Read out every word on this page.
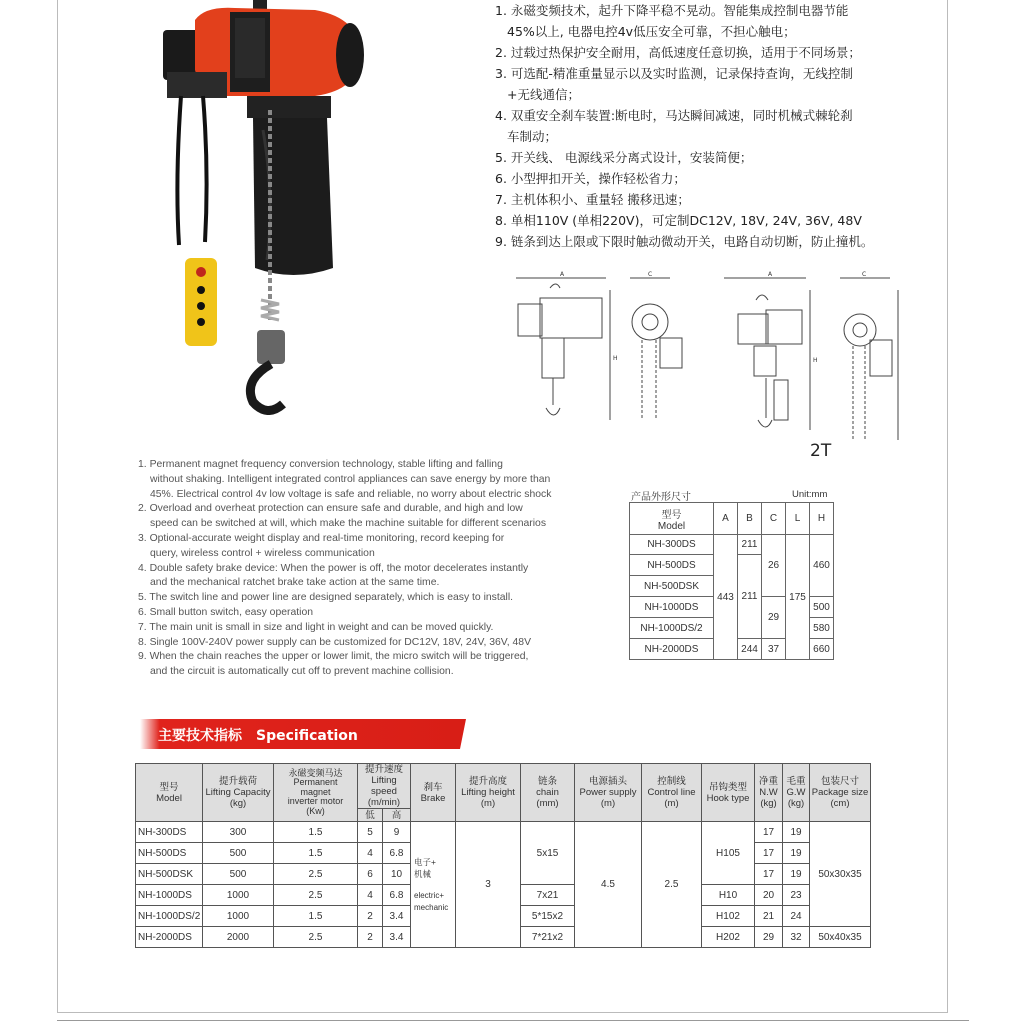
1. 永磁变频技术，起升下降平稳不晃动。智能集成控制电器节能
45%以上, 电器电控4v低压安全可靠，不担心触电；
2. 过载过热保护安全耐用，高低速度任意切换，适用于不同场景；
3. 可选配-精准重量显示以及实时监测，记录保持查询，无线控制
+无线通信；
4. 双重安全刹车装置:断电时，马达瞬间减速，同时机械式棘轮刹
车制动；
5. 开关线、 电源线采分离式设计，安装简便；
6. 小型押扣开关，操作轻松省力；
7. 主机体积小、重量轻 搬移迅速；
8. 单相110V (单相220V)，可定制DC12V, 18V, 24V, 36V, 48V
9. 链条到达上限或下限时触动微动开关，电路自动切断，防止撞机。
A
H
C	A
H
C
2T
1. Permanent magnet frequency conversion technology, stable lifting and falling
without shaking. Intelligent integrated control appliances can save energy by more than
45%. Electrical control 4v low voltage is safe and reliable, no worry about electric shock
2. Overload and overheat protection can ensure safe and durable, and high and low
speed can be switched at will, which make the machine suitable for different scenarios
3. Optional-accurate weight display and real-time monitoring, record keeping for
query, wireless control + wireless communication
4. Double safety brake device: When the power is off, the motor decelerates instantly
and the mechanical ratchet brake take action at the same time.
5. The switch line and power line are designed separately, which is easy to install.
6. Small button switch, easy operation
7. The main unit is small in size and light in weight and can be moved quickly.
8. Single 100V-240V power supply can be customized for DC12V, 18V, 24V, 36V, 48V
9. When the chain reaches the upper or lower limit, the micro switch will be triggered,
and the circuit is automatically cut off to prevent machine collision.
产品外形尺寸	Unit:mm
型号
Model	A	B	C	L	H
NH-300DS	443	211	26	175	460
NH-500DS		211			
NH-500DSK					
NH-1000DS			29		500
NH-1000DS/2					580
NH-2000DS		244	37		660
主要技术指标 Specification
型号
Model	提升载荷
Lifting Capacity
(kg)	永磁变频马达
Permanent
magnet
inverter motor
(Kw)	提升速度
Lifting speed
(m/min)		刹车
Brake	提升高度
Lifting height
(m)	链条
chain
(mm)	电源插头
Power supply
(m)	控制线
Control line
(m)	吊钩类型
Hook type	净重
N.W
(kg)	毛重
G.W
(kg)	包装尺寸
Package size
(cm)
			低	高									
NH-300DS	300	1.5	5	9	电子+
机械
electric+
mechanic	3	5x15	4.5	2.5	H105	17	19	50x30x35
NH-500DS	500	1.5	4	6.8							17	19	
NH-500DSK	500	2.5	6	10							17	19	
NH-1000DS	1000	2.5	4	6.8			7x21			H10	20	23	
NH-1000DS/2	1000	1.5	2	3.4			5*15x2			H102	21	24	
NH-2000DS	2000	2.5	2	3.4			7*21x2			H202	29	32	50x40x35
